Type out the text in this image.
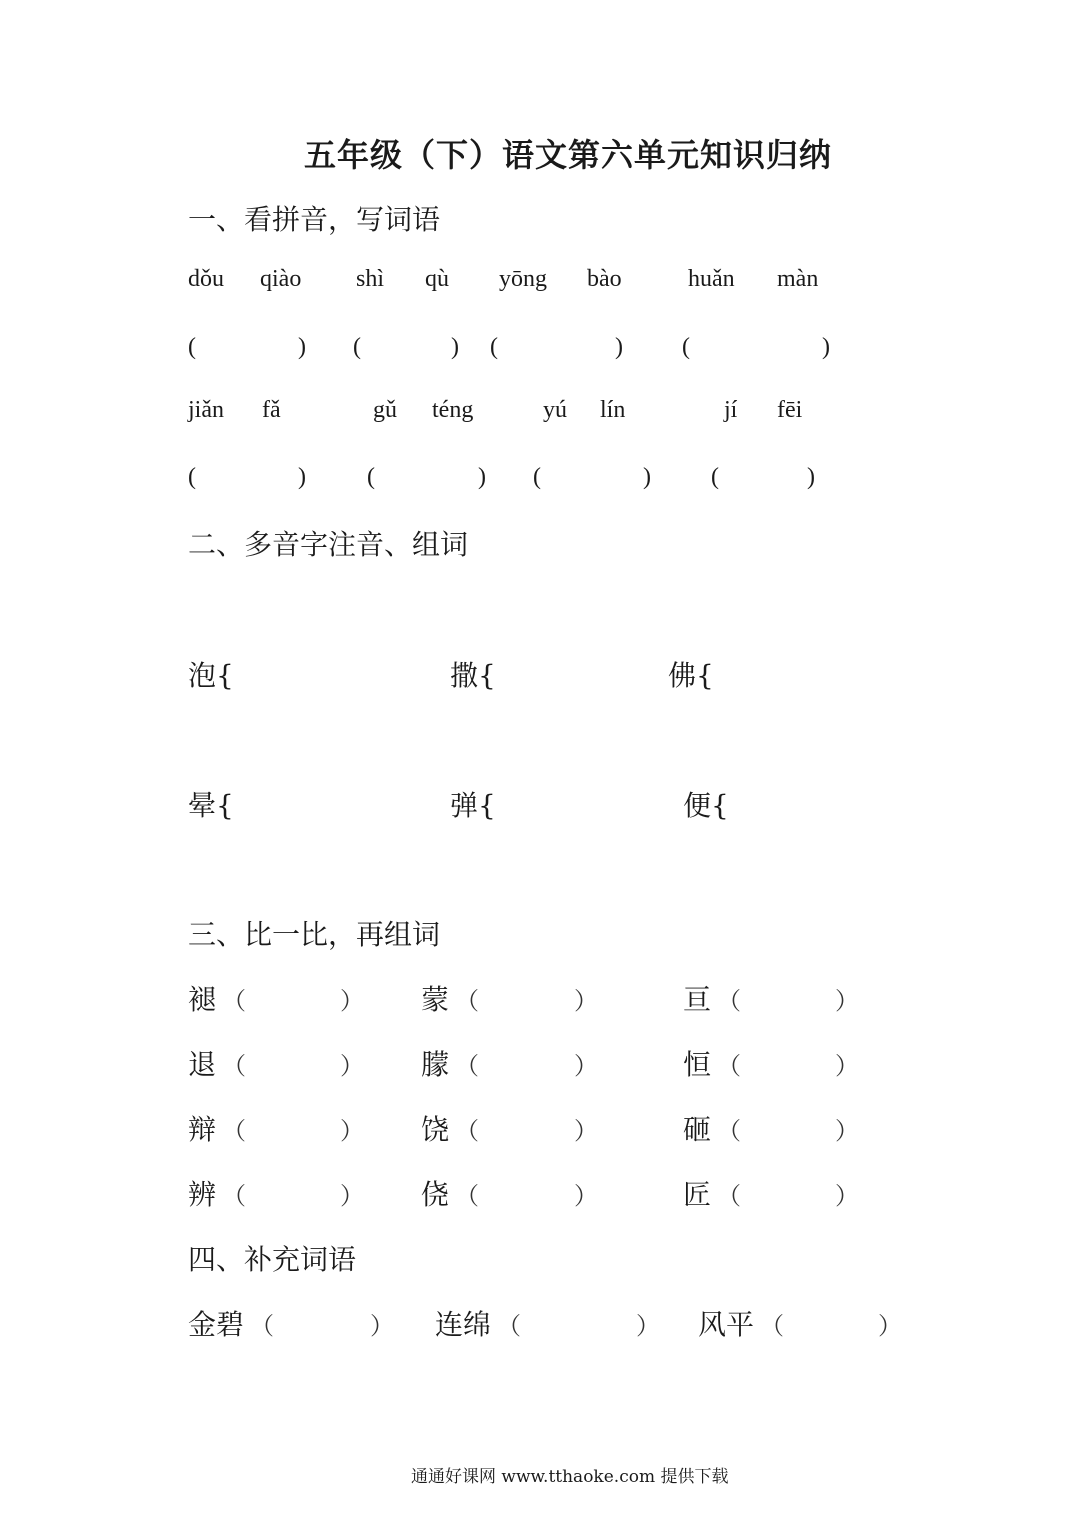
五年级（下）语文第六单元知识归纳
一、看拼音，写词语
dǒu qiào shì qù yōng bào	huǎn màn
(	) (	) (	) (	)
jiǎn fǎ	gǔ téng	yú lín	jí fēi
(	)	(	) (	)	(	)
二、多音字注音、组词
泡{	撒{	佛{
晕{	弹{	便{
三、比一比，再组词
褪 （	） 蒙 （	）	亘 （	）
退 （	） 朦 （	）	恒 （	）
辩 （	） 饶 （	）	砸 （	）
辨 （	） 侥 （	）	匠 （	）
四、补充词语
金碧 （	） 连绵 （	） 风平 （	）
通通好课网 www.tthaoke.com 提供下载
